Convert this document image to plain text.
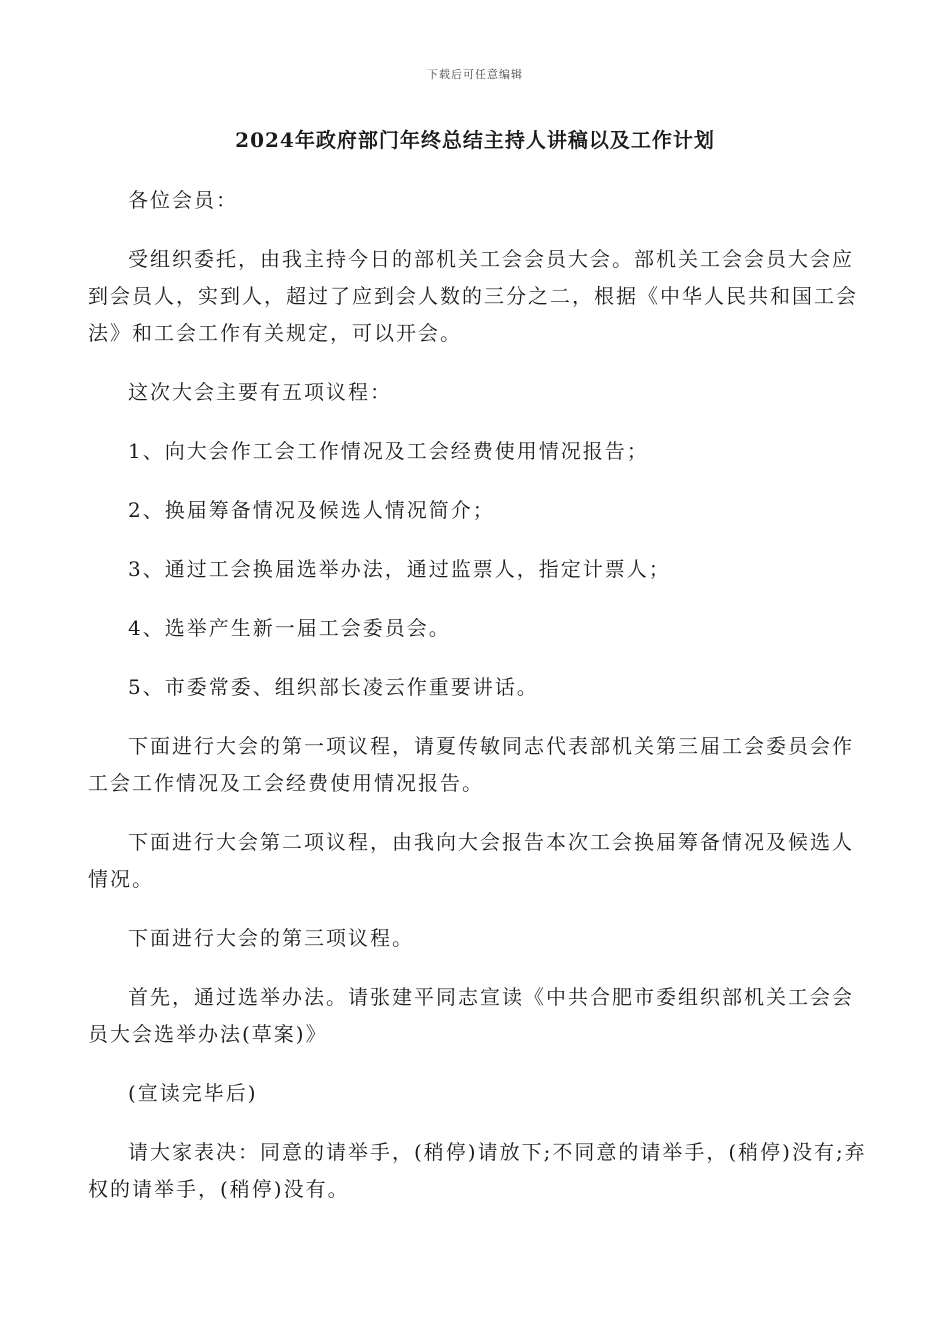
下载后可任意编辑
2024年政府部门年终总结主持人讲稿以及工作计划

各位会员：

受组织委托，由我主持今日的部机关工会会员大会。部机关工会会员大会应到会员人，实到人，超过了应到会人数的三分之二，根据《中华人民共和国工会法》和工会工作有关规定，可以开会。

这次大会主要有五项议程：

1、向大会作工会工作情况及工会经费使用情况报告；

2、换届筹备情况及候选人情况简介；

3、通过工会换届选举办法，通过监票人，指定计票人；

4、选举产生新一届工会委员会。

5、市委常委、组织部长凌云作重要讲话。

下面进行大会的第一项议程，请夏传敏同志代表部机关第三届工会委员会作工会工作情况及工会经费使用情况报告。

下面进行大会第二项议程，由我向大会报告本次工会换届筹备情况及候选人情况。

下面进行大会的第三项议程。

首先，通过选举办法。请张建平同志宣读《中共合肥市委组织部机关工会会员大会选举办法(草案)》

(宣读完毕后)

请大家表决：同意的请举手，(稍停)请放下;不同意的请举手，(稍停)没有;弃权的请举手，(稍停)没有。
